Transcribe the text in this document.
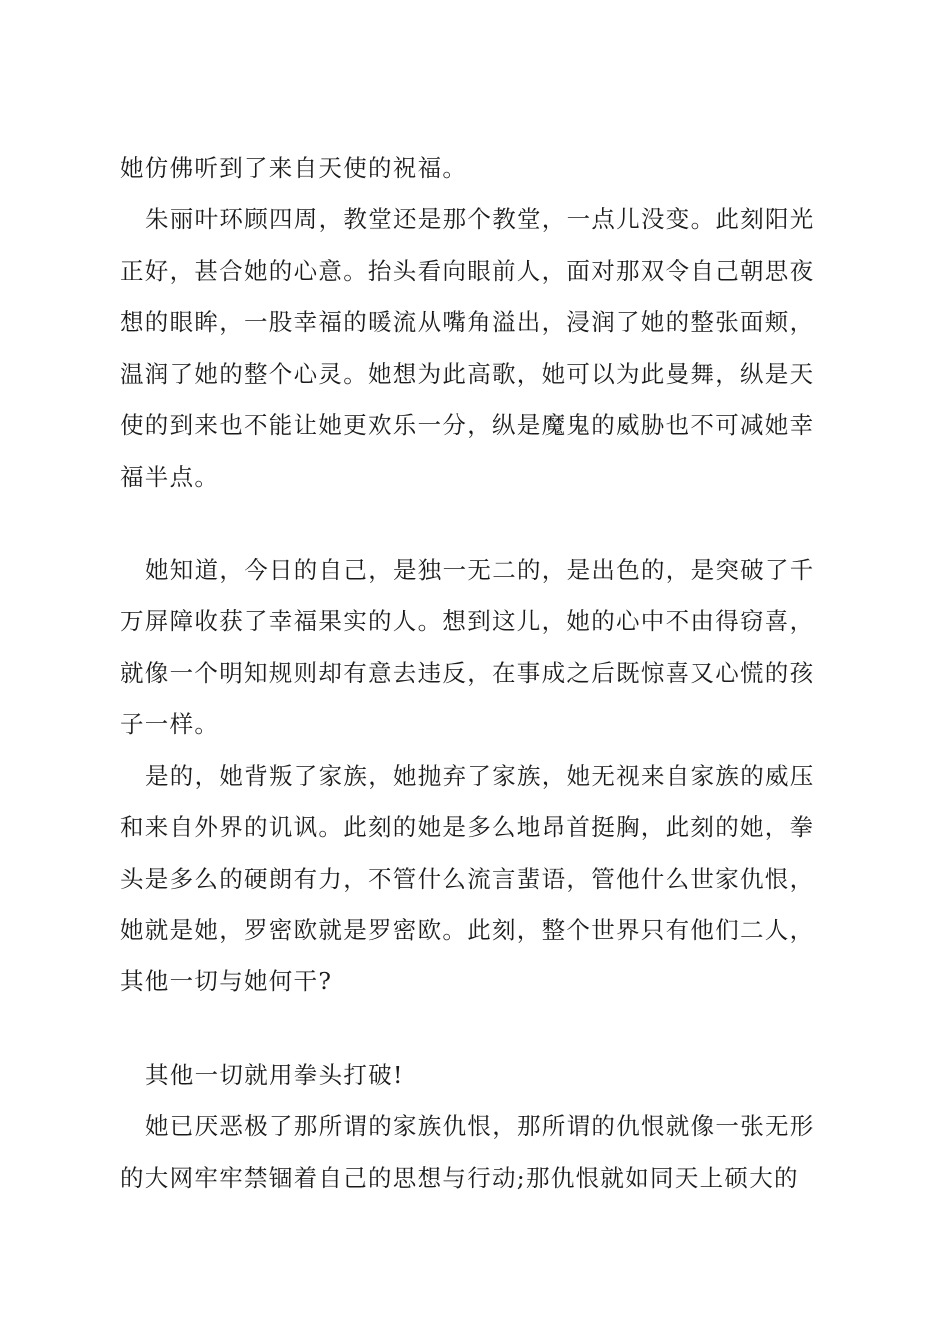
她仿佛听到了来自天使的祝福。
朱丽叶环顾四周，教堂还是那个教堂，一点儿没变。此刻阳光
正好，甚合她的心意。抬头看向眼前人，面对那双令自己朝思夜
想的眼眸，一股幸福的暖流从嘴角溢出，浸润了她的整张面颊，
温润了她的整个心灵。她想为此高歌，她可以为此曼舞，纵是天
使的到来也不能让她更欢乐一分，纵是魔鬼的威胁也不可减她幸
福半点。
她知道，今日的自己，是独一无二的，是出色的，是突破了千
万屏障收获了幸福果实的人。想到这儿，她的心中不由得窃喜，
就像一个明知规则却有意去违反，在事成之后既惊喜又心慌的孩
子一样。
是的，她背叛了家族，她抛弃了家族，她无视来自家族的威压
和来自外界的讥讽。此刻的她是多么地昂首挺胸，此刻的她，拳
头是多么的硬朗有力，不管什么流言蜚语，管他什么世家仇恨，
她就是她，罗密欧就是罗密欧。此刻，整个世界只有他们二人，
其他一切与她何干?
其他一切就用拳头打破!
她已厌恶极了那所谓的家族仇恨，那所谓的仇恨就像一张无形
的大网牢牢禁锢着自己的思想与行动;那仇恨就如同天上硕大的
